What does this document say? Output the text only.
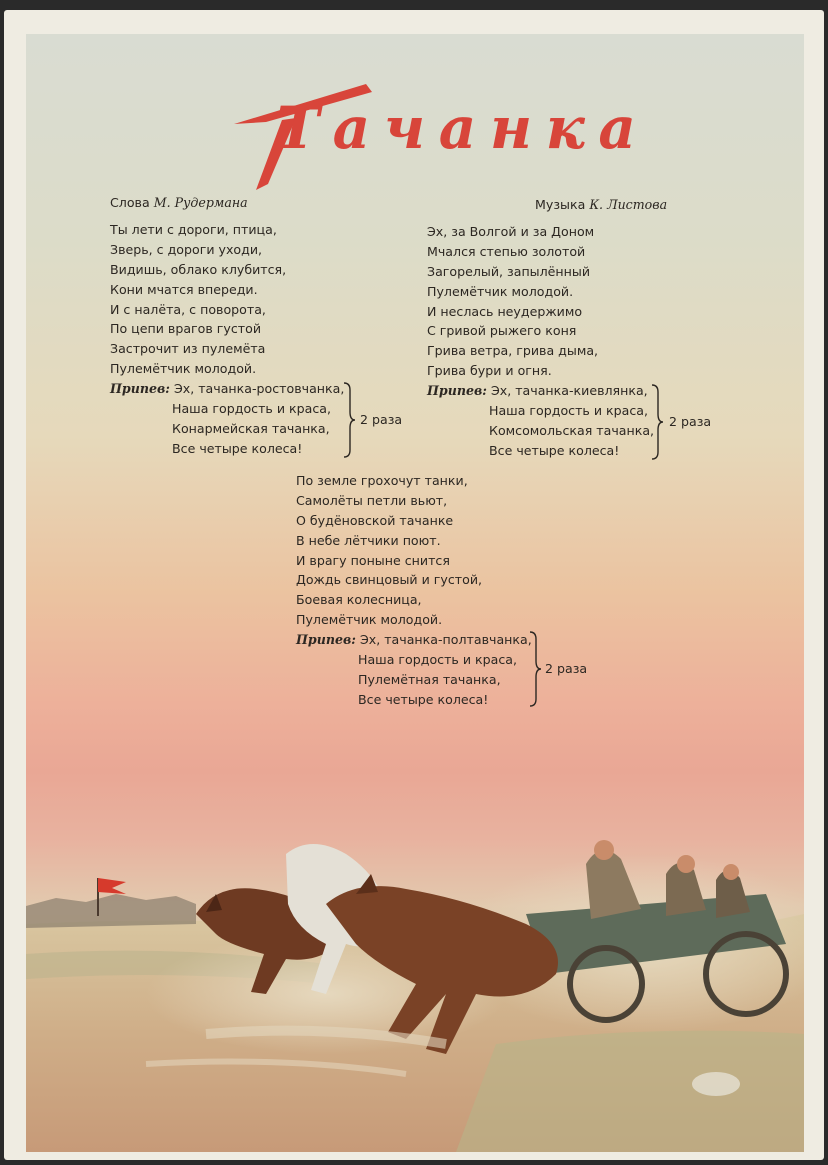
Тачанка
Слова М. Рудермана	Музыка К. Листова
Ты лети с дороги, птица,
Зверь, с дороги уходи,
Видишь, облако клубится,
Кони мчатся впереди.
И с налёта, с поворота,
По цепи врагов густой
Застрочит из пулемёта
Пулемётчик молодой.
Припев: Эх, тачанка-ростовчанка,
Наша гордость и краса,
Конармейская тачанка,
Все четыре колеса!
2 раза
Эх, за Волгой и за Доном
Мчался степью золотой
Загорелый, запылённый
Пулемётчик молодой.
И неслась неудержимо
С гривой рыжего коня
Грива ветра, грива дыма,
Грива бури и огня.
Припев: Эх, тачанка-киевлянка,
Наша гордость и краса,
Комсомольская тачанка,
Все четыре колеса!
2 раза
По земле грохочут танки,
Самолёты петли вьют,
О будёновской тачанке
В небе лётчики поют.
И врагу поныне снится
Дождь свинцовый и густой,
Боевая колесница,
Пулемётчик молодой.
Припев: Эх, тачанка-полтавчанка,
Наша гордость и краса,
Пулемётная тачанка,
Все четыре колеса!
2 раза
